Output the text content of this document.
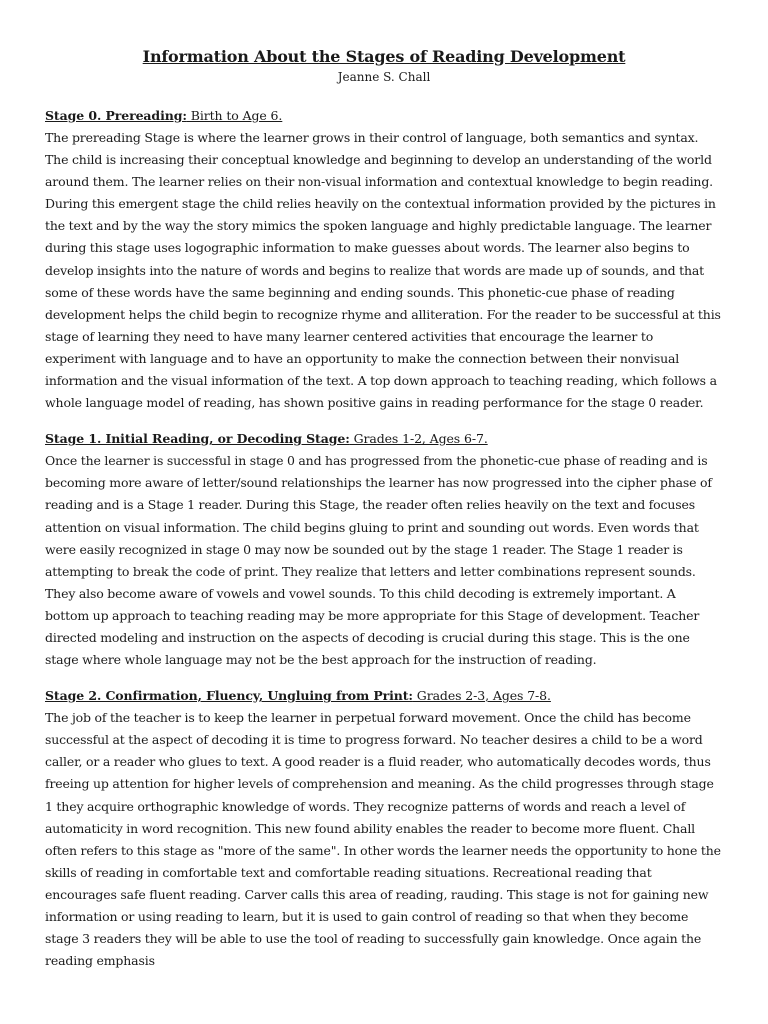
Information About the Stages of Reading Development

Jeanne S. Chall

Stage 0. Prereading: Birth to Age 6.

The prereading Stage is where the learner grows in their control of language, both semantics and syntax. The child is increasing their conceptual knowledge and beginning to develop an understanding of the world around them. The learner relies on their non-visual information and contextual knowledge to begin reading. During this emergent stage the child relies heavily on the contextual information provided by the pictures in the text and by the way the story mimics the spoken language and highly predictable language. The learner during this stage uses logographic information to make guesses about words. The learner also begins to develop insights into the nature of words and begins to realize that words are made up of sounds, and that some of these words have the same beginning and ending sounds. This phonetic-cue phase of reading development helps the child begin to recognize rhyme and alliteration. For the reader to be successful at this stage of learning they need to have many learner centered activities that encourage the learner to experiment with language and to have an opportunity to make the connection between their nonvisual information and the visual information of the text. A top down approach to teaching reading, which follows a whole language model of reading, has shown positive gains in reading performance for the stage 0 reader.

Stage 1. Initial Reading, or Decoding Stage: Grades 1-2, Ages 6-7.

Once the learner is successful in stage 0 and has progressed from the phonetic-cue phase of reading and is becoming more aware of letter/sound relationships the learner has now progressed into the cipher phase of reading and is a Stage 1 reader. During this Stage, the reader often relies heavily on the text and focuses attention on visual information. The child begins gluing to print and sounding out words. Even words that were easily recognized in stage 0 may now be sounded out by the stage 1 reader. The Stage 1 reader is attempting to break the code of print. They realize that letters and letter combinations represent sounds. They also become aware of vowels and vowel sounds. To this child decoding is extremely important. A bottom up approach to teaching reading may be more appropriate for this Stage of development. Teacher directed modeling and instruction on the aspects of decoding is crucial during this stage. This is the one stage where whole language may not be the best approach for the instruction of reading.

Stage 2. Confirmation, Fluency, Ungluing from Print: Grades 2-3, Ages 7-8.

The job of the teacher is to keep the learner in perpetual forward movement. Once the child has become successful at the aspect of decoding it is time to progress forward. No teacher desires a child to be a word caller, or a reader who glues to text. A good reader is a fluid reader, who automatically decodes words, thus freeing up attention for higher levels of comprehension and meaning. As the child progresses through stage 1 they acquire orthographic knowledge of words. They recognize patterns of words and reach a level of automaticity in word recognition. This new found ability enables the reader to become more fluent. Chall often refers to this stage as "more of the same". In other words the learner needs the opportunity to hone the skills of reading in comfortable text and comfortable reading situations. Recreational reading that encourages safe fluent reading. Carver calls this area of reading, rauding. This stage is not for gaining new information or using reading to learn, but it is used to gain control of reading so that when they become stage 3 readers they will be able to use the tool of reading to successfully gain knowledge. Once again the reading emphasis
